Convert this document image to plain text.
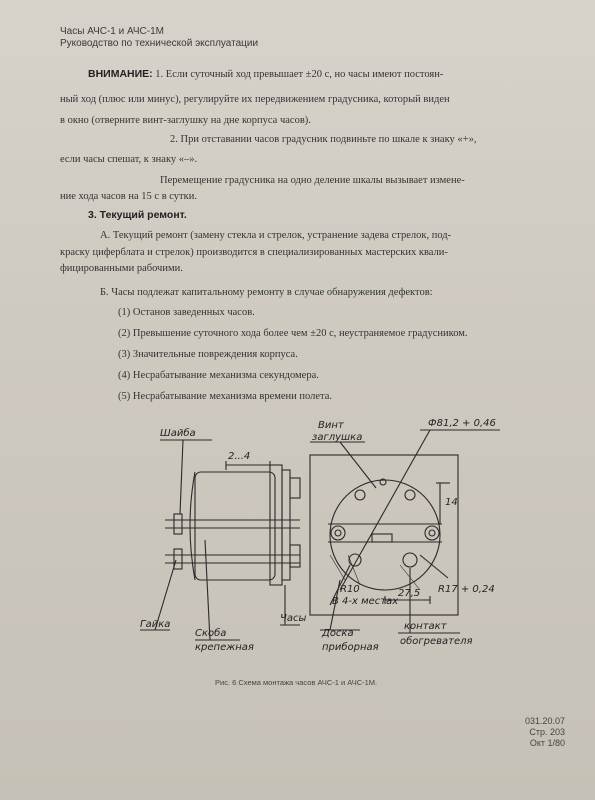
Часы АЧС-1 и АЧС-1М
Руководство по технической эксплуатации
ВНИМАНИЕ: 1. Если суточный ход превышает ±20 с, но часы имеют постоян-
ный ход (плюс или минус), регулируйте их передвижением градусника, который виден
в окно (отверните винт-заглушку на дне корпуса часов).
2. При отставании часов градусник подвиньте по шкале к знаку «+»,
если часы спешат, к знаку «–».
Перемещение градусника на одно деление шкалы вызывает измене-
ние хода часов на 15 с в сутки.
3. Текущий ремонт.
А. Текущий ремонт (замену стекла и стрелок, устранение задева стрелок, под-
краску циферблата и стрелок) производится в специализированных мастерских квали-
фицированными рабочими.
Б. Часы подлежат капитальному ремонту в случае обнаружения дефектов:
(1) Останов заведенных часов.
(2) Превышение суточного хода более чем ±20 с, неустраняемое градусником.
(3) Значительные повреждения корпуса.
(4) Несрабатывание механизма секундомера.
(5) Несрабатывание механизма времени полета.
Шайба
2...4
Гайка
Скоба
крепежная
Часы
Винт
заглушка
Ф81,2 + 0,46
14
R10
В 4-х местах
27,5 R17 + 0,24
Доска
приборная
контакт
обогревателя
Рис. 6 Схема монтажа часов АЧС-1 и АЧС-1М.
031.20.07
Стр. 203
Окт 1/80
